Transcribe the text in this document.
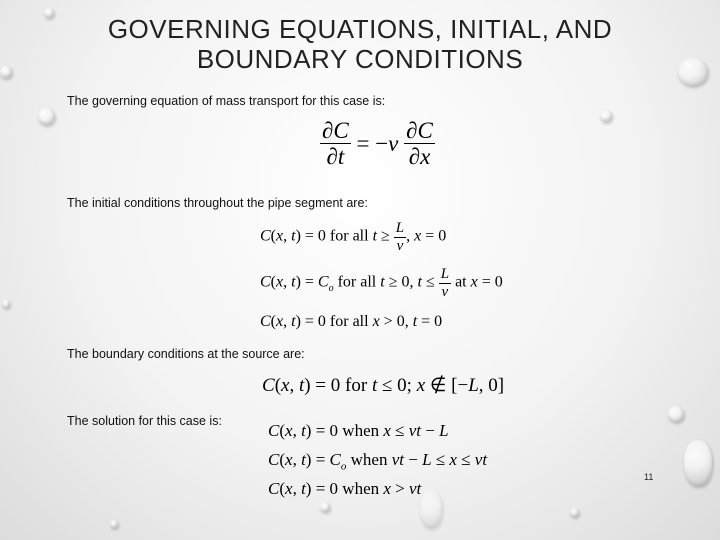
GOVERNING EQUATIONS, INITIAL, AND
BOUNDARY CONDITIONS

The governing equation of mass transport for this case is:

$\frac{\partial C}{\partial t} = -v \frac{\partial C}{\partial x}$

The initial conditions throughout the pipe segment are:

C(x, t) = 0 for all $t \ge \frac{L}{v}$ , x = 0
C(x, $t) = C_o$ for all t ≥ 0, $t \le \frac{L}{v}$ at x = 0
C(x, t) = 0 for all x > 0, t = 0

The boundary conditions at the source are:

C(x, t) = 0 for t ≤ 0; x ∉ [−L, 0]

The solution for this case is:	C(x, t) = 0 when x ≤ vt − L
C(x, $t) = C_o$ when vt − L ≤ x ≤ vt
C(x, t) = 0 when x > vt
11
